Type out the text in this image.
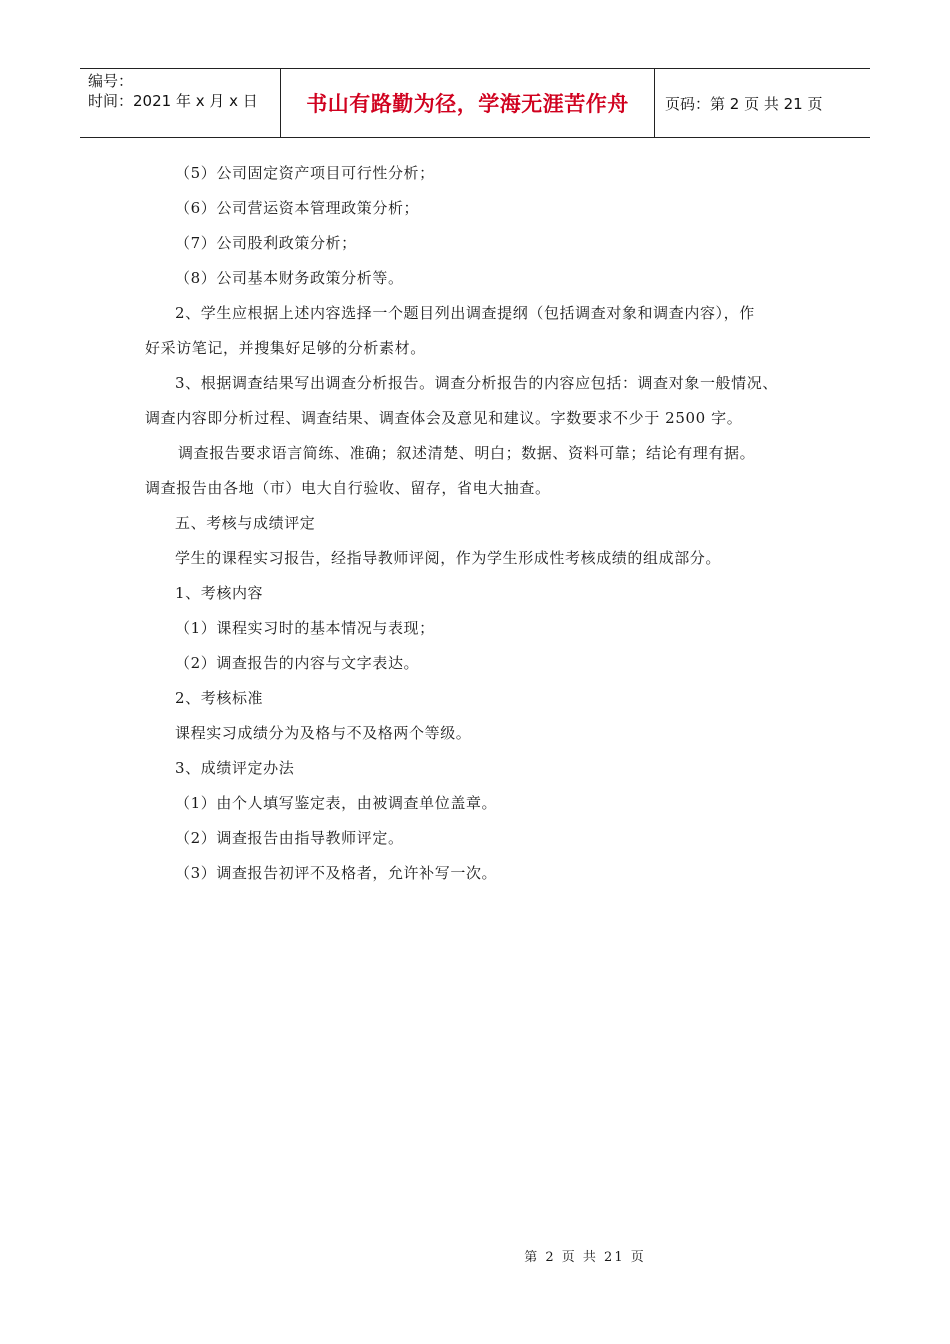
编号：
时间：2021 年 x 月 x 日	书山有路勤为径，学海无涯苦作舟	页码：第 2 页 共 21 页
（5）公司固定资产项目可行性分析；
（6）公司营运资本管理政策分析；
（7）公司股利政策分析；
（8）公司基本财务政策分析等。
2、学生应根据上述内容选择一个题目列出调查提纲（包括调查对象和调查内容），作
好采访笔记，并搜集好足够的分析素材。
3、根据调查结果写出调查分析报告。调查分析报告的内容应包括：调查对象一般情况、
调查内容即分析过程、调查结果、调查体会及意见和建议。字数要求不少于 2500 字。
调查报告要求语言简练、准确；叙述清楚、明白；数据、资料可靠；结论有理有据。
调查报告由各地（市）电大自行验收、留存，省电大抽查。
五、考核与成绩评定
学生的课程实习报告，经指导教师评阅，作为学生形成性考核成绩的组成部分。
1、考核内容
（1）课程实习时的基本情况与表现；
（2）调查报告的内容与文字表达。
2、考核标准
课程实习成绩分为及格与不及格两个等级。
3、成绩评定办法
（1）由个人填写鉴定表，由被调查单位盖章。
（2）调查报告由指导教师评定。
（3）调查报告初评不及格者，允许补写一次。
第 2 页 共 21 页
